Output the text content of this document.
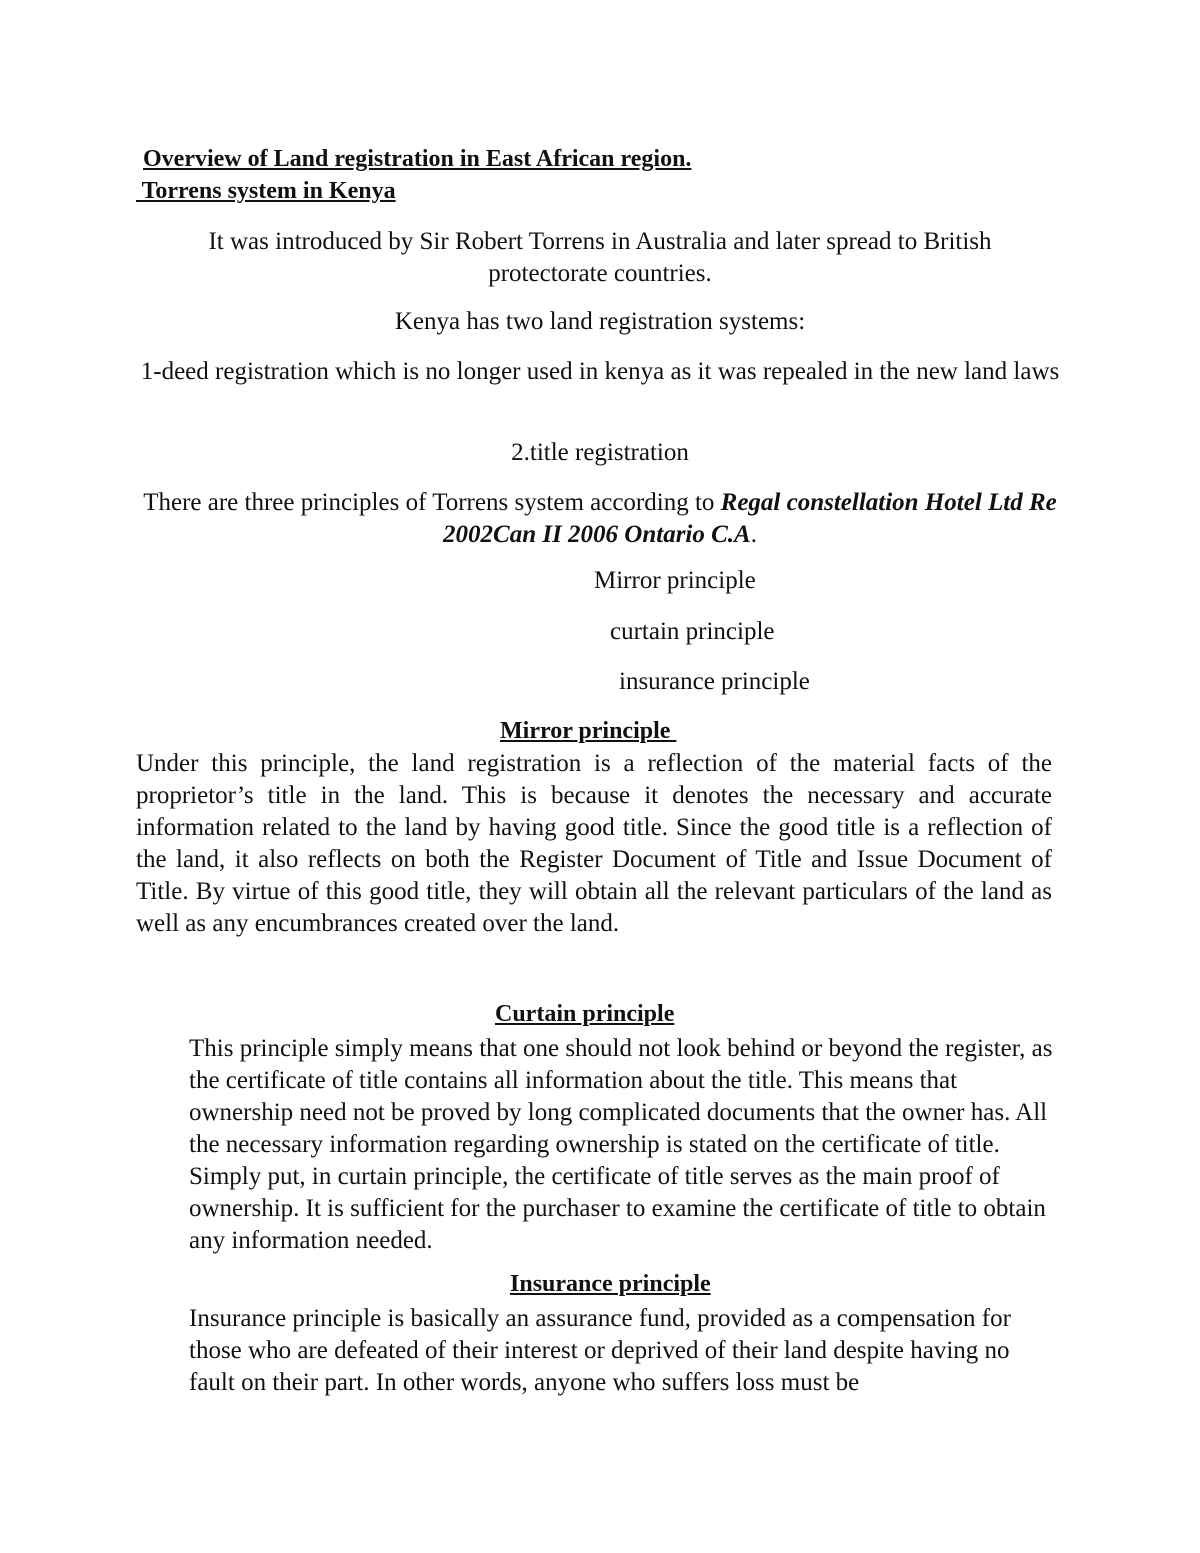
Overview of Land registration in East African region.
Torrens system in Kenya

It was introduced by Sir Robert Torrens in Australia and later spread to British protectorate countries.

Kenya has two land registration systems:

1-deed registration which is no longer used in kenya as it was repealed in the new land laws

2.title registration

There are three principles of Torrens system according to Regal constellation Hotel Ltd Re 2002Can II 2006 Ontario C.A.

Mirror principle
curtain principle
insurance principle
Mirror principle

Under this principle, the land registration is a reflection of the material facts of the proprietor’s title in the land. This is because it denotes the necessary and accurate information related to the land by having good title. Since the good title is a reflection of the land, it also reflects on both the Register Document of Title and Issue Document of Title. By virtue of this good title, they will obtain all the relevant particulars of the land as well as any encumbrances created over the land.

Curtain principle

This principle simply means that one should not look behind or beyond the register, as the certificate of title contains all information about the title. This means that ownership need not be proved by long complicated documents that the owner has. All the necessary information regarding ownership is stated on the certificate of title. Simply put, in curtain principle, the certificate of title serves as the main proof of ownership. It is sufficient for the purchaser to examine the certificate of title to obtain any information needed.

Insurance principle

Insurance principle is basically an assurance fund, provided as a compensation for those who are defeated of their interest or deprived of their land despite having no fault on their part. In other words, anyone who suffers loss must be
